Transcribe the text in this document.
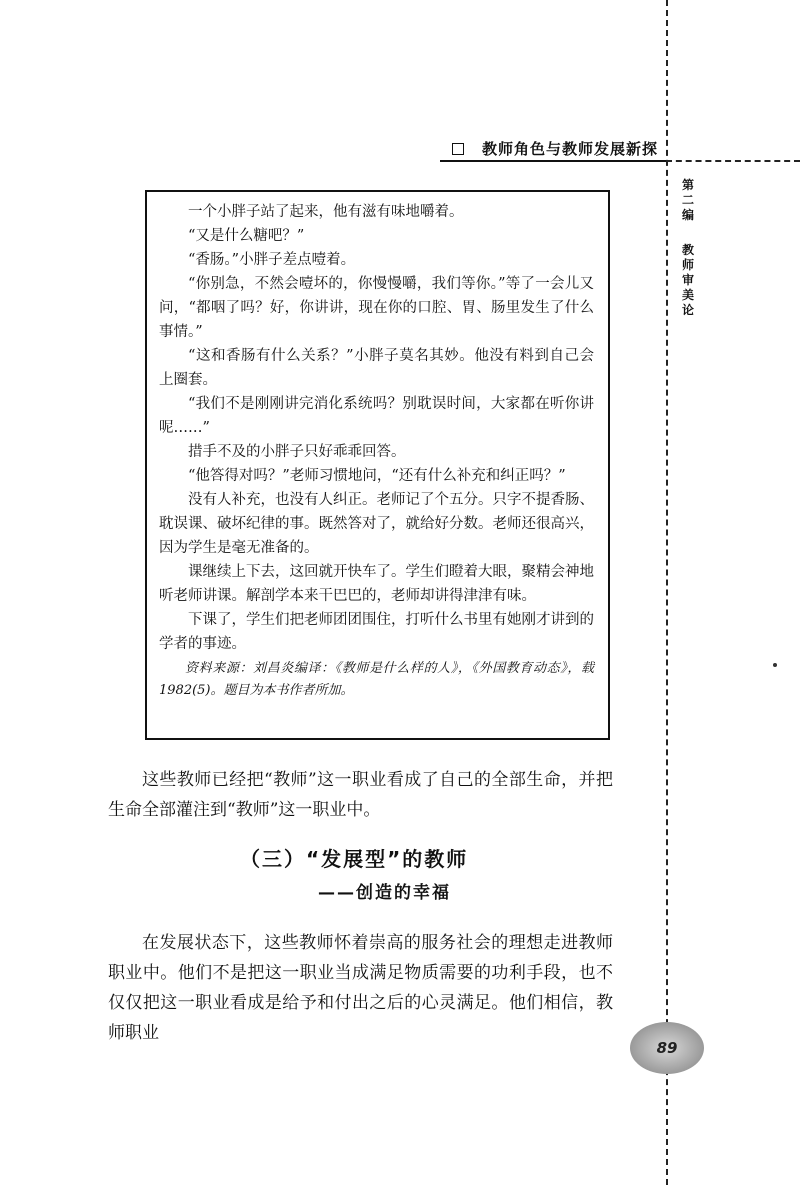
教师角色与教师发展新探
第二编
教师审美论

一个小胖子站了起来，他有滋有味地嚼着。

“又是什么糖吧？”

“香肠。”小胖子差点噎着。

“你别急，不然会噎坏的，你慢慢嚼，我们等你。”等了一会儿又问，“都咽了吗？好，你讲讲，现在你的口腔、胃、肠里发生了什么事情。”

“这和香肠有什么关系？”小胖子莫名其妙。他没有料到自己会上圈套。

“我们不是刚刚讲完消化系统吗？别耽误时间，大家都在听你讲呢……”

措手不及的小胖子只好乖乖回答。

“他答得对吗？”老师习惯地问，“还有什么补充和纠正吗？”

没有人补充，也没有人纠正。老师记了个五分。只字不提香肠、耽误课、破坏纪律的事。既然答对了，就给好分数。老师还很高兴，因为学生是毫无准备的。

课继续上下去，这回就开快车了。学生们瞪着大眼，聚精会神地听老师讲课。解剖学本来干巴巴的，老师却讲得津津有味。

下课了，学生们把老师团团围住，打听什么书里有她刚才讲到的学者的事迹。

资料来源：刘昌炎编译：《教师是什么样的人》，《外国教育动态》，载 1982(5)。题目为本书作者所加。

这些教师已经把“教师”这一职业看成了自己的全部生命，并把生命全部灌注到“教师”这一职业中。

（三）“发展型”的教师
——创造的幸福

在发展状态下，这些教师怀着崇高的服务社会的理想走进教师职业中。他们不是把这一职业当成满足物质需要的功利手段，也不仅仅把这一职业看成是给予和付出之后的心灵满足。他们相信，教师职业

89
